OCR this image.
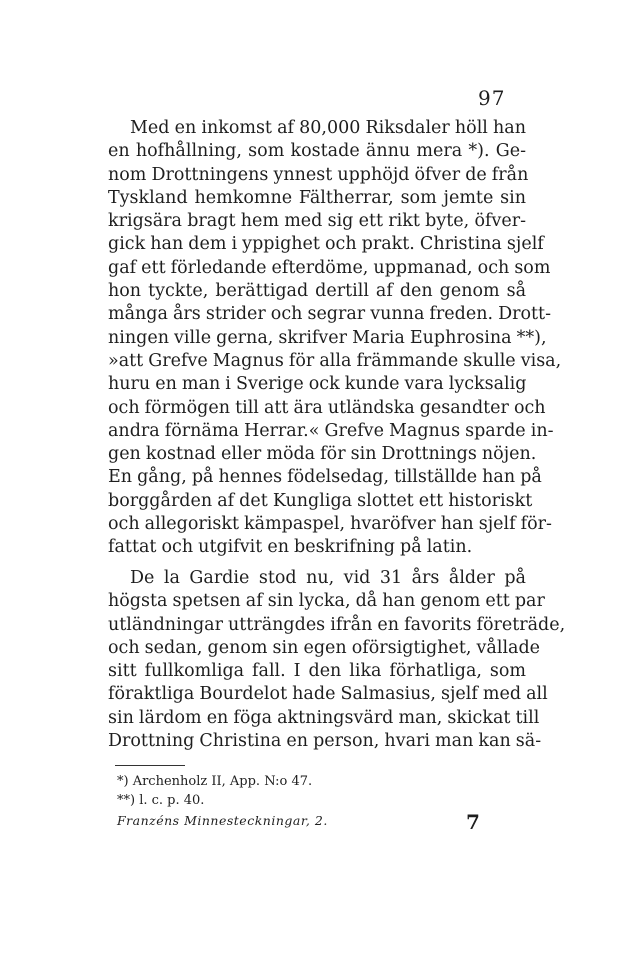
97
Med en inkomst af 80,000 Riksdaler höll han
en hofhållning, som kostade ännu mera *). Ge-
nom Drottningens ynnest upphöjd öfver de från
Tyskland hemkomne Fältherrar, som jemte sin
krigsära bragt hem med sig ett rikt byte, öfver-
gick han dem i yppighet och prakt. Christina sjelf
gaf ett förledande efterdöme, uppmanad, och som
hon tyckte, berättigad dertill af den genom så
många års strider och segrar vunna freden. Drott-
ningen ville gerna, skrifver Maria Euphrosina **),
»att Grefve Magnus för alla främmande skulle visa,
huru en man i Sverige ock kunde vara lycksalig
och förmögen till att ära utländska gesandter och
andra förnäma Herrar.« Grefve Magnus sparde in-
gen kostnad eller möda för sin Drottnings nöjen.
En gång, på hennes födelsedag, tillställde han på
borggården af det Kungliga slottet ett historiskt
och allegoriskt kämpaspel, hvaröfver han sjelf för-
fattat och utgifvit en beskrifning på latin.
De la Gardie stod nu, vid 31 års ålder på
högsta spetsen af sin lycka, då han genom ett par
utländningar utträngdes ifrån en favorits företräde,
och sedan, genom sin egen oförsigtighet, vållade
sitt fullkomliga fall. I den lika förhatliga, som
föraktliga Bourdelot hade Salmasius, sjelf med all
sin lärdom en föga aktningsvärd man, skickat till
Drottning Christina en person, hvari man kan sä-
*) Archenholz II, App. N:o 47.
**) l. c. p. 40.
Franzéns Minnesteckningar, 2.	7
